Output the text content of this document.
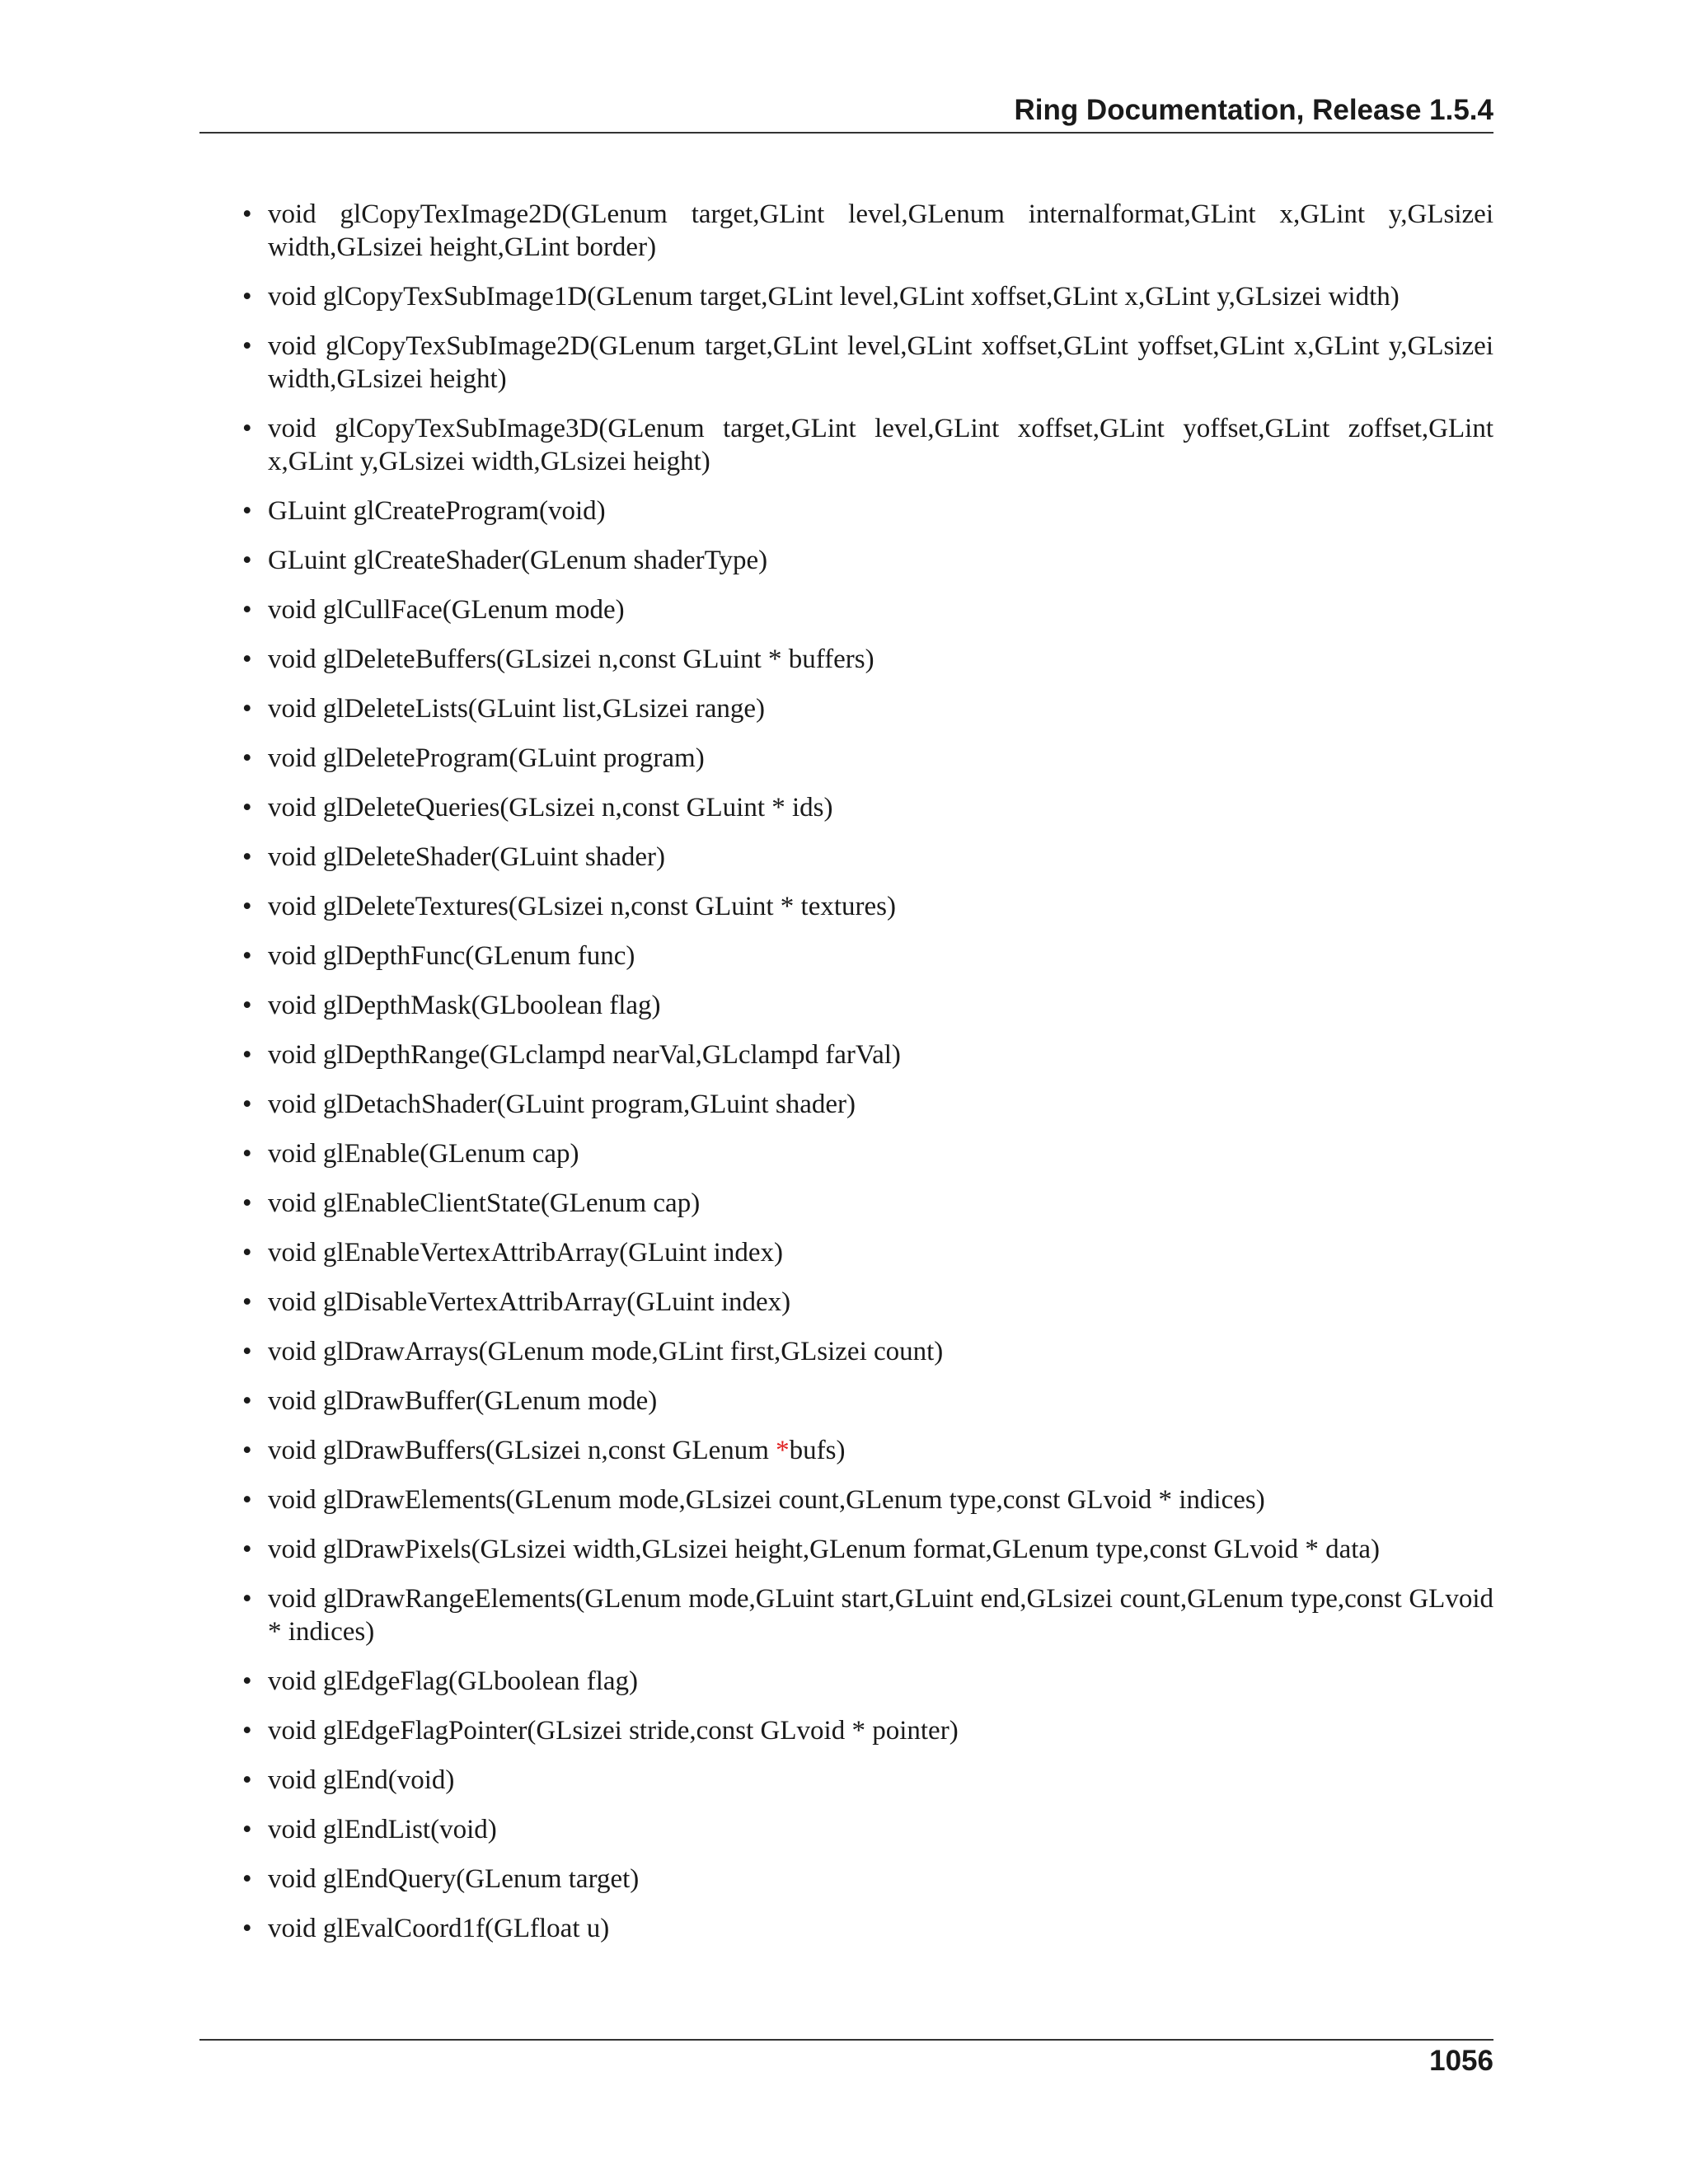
Ring Documentation, Release 1.5.4
• void glCopyTexImage2D(GLenum target,GLint level,GLenum internalformat,GLint x,GLint y,GLsizei width,GLsizei height,GLint border)
• void glCopyTexSubImage1D(GLenum target,GLint level,GLint xoffset,GLint x,GLint y,GLsizei width)
• void glCopyTexSubImage2D(GLenum target,GLint level,GLint xoffset,GLint yoffset,GLint x,GLint y,GLsizei width,GLsizei height)
• void glCopyTexSubImage3D(GLenum target,GLint level,GLint xoffset,GLint yoffset,GLint zoffset,GLint x,GLint y,GLsizei width,GLsizei height)
• GLuint glCreateProgram(void)
• GLuint glCreateShader(GLenum shaderType)
• void glCullFace(GLenum mode)
• void glDeleteBuffers(GLsizei n,const GLuint * buffers)
• void glDeleteLists(GLuint list,GLsizei range)
• void glDeleteProgram(GLuint program)
• void glDeleteQueries(GLsizei n,const GLuint * ids)
• void glDeleteShader(GLuint shader)
• void glDeleteTextures(GLsizei n,const GLuint * textures)
• void glDepthFunc(GLenum func)
• void glDepthMask(GLboolean flag)
• void glDepthRange(GLclampd nearVal,GLclampd farVal)
• void glDetachShader(GLuint program,GLuint shader)
• void glEnable(GLenum cap)
• void glEnableClientState(GLenum cap)
• void glEnableVertexAttribArray(GLuint index)
• void glDisableVertexAttribArray(GLuint index)
• void glDrawArrays(GLenum mode,GLint first,GLsizei count)
• void glDrawBuffer(GLenum mode)
• void glDrawBuffers(GLsizei n,const GLenum *bufs)
• void glDrawElements(GLenum mode,GLsizei count,GLenum type,const GLvoid * indices)
• void glDrawPixels(GLsizei width,GLsizei height,GLenum format,GLenum type,const GLvoid * data)
• void glDrawRangeElements(GLenum mode,GLuint start,GLuint end,GLsizei count,GLenum type,const GLvoid * indices)
• void glEdgeFlag(GLboolean flag)
• void glEdgeFlagPointer(GLsizei stride,const GLvoid * pointer)
• void glEnd(void)
• void glEndList(void)
• void glEndQuery(GLenum target)
• void glEvalCoord1f(GLfloat u)
1056
